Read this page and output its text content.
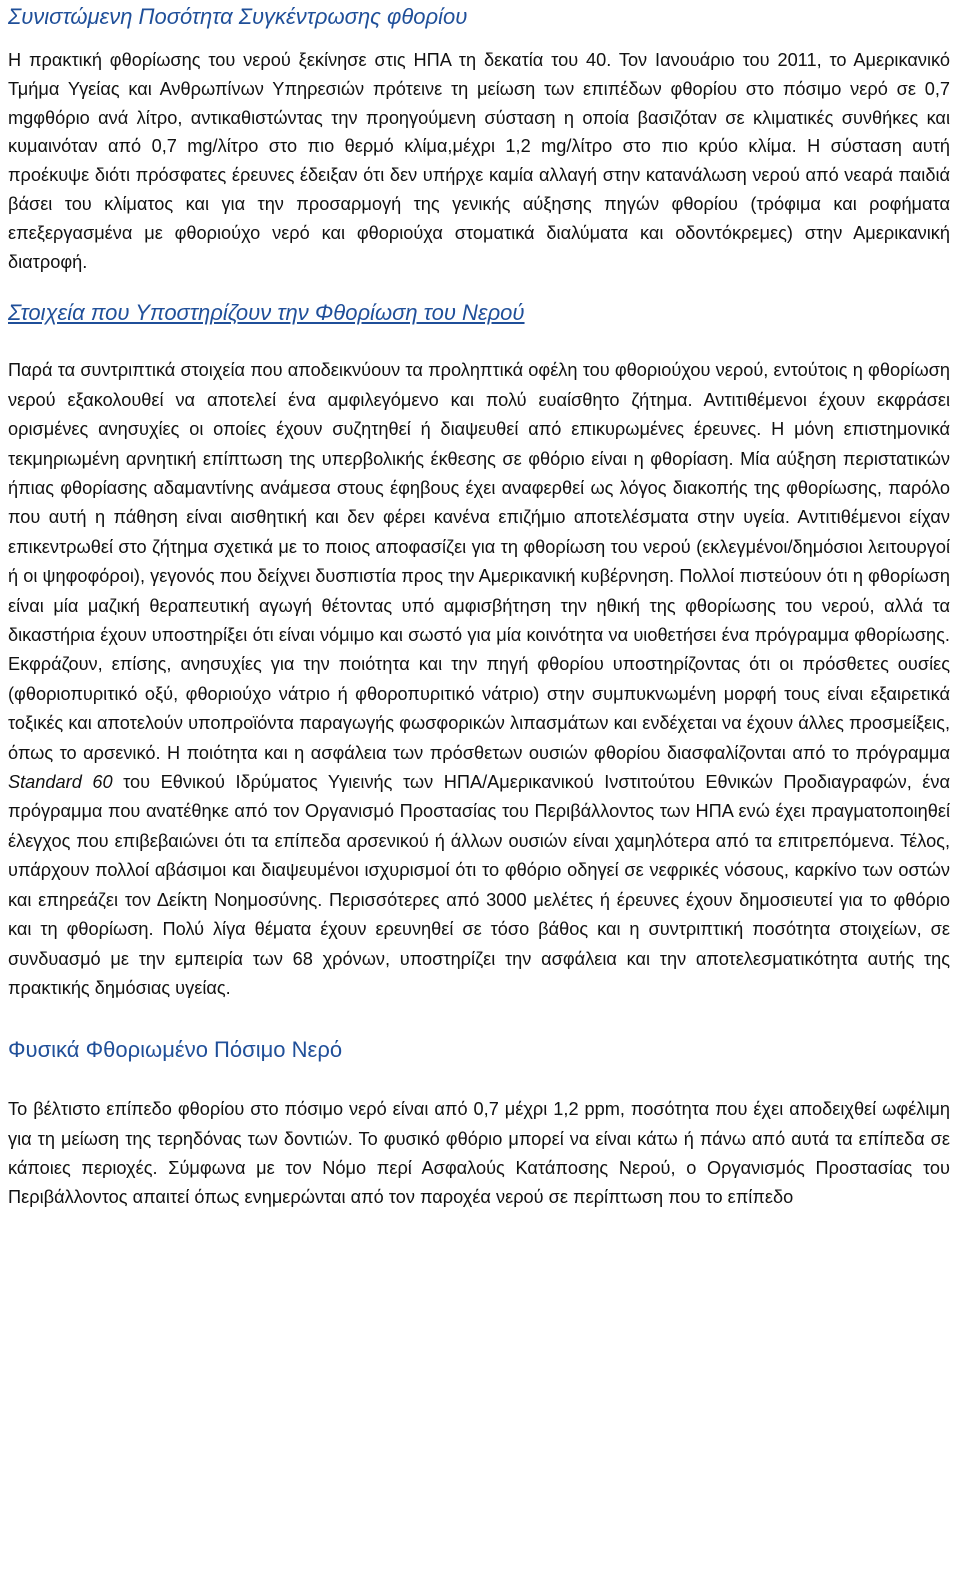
Συνιστώμενη Ποσότητα Συγκέντρωσης φθορίου

Η πρακτική φθορίωσης του νερού ξεκίνησε στις ΗΠΑ τη δεκατία του 40. Τον Ιανουάριο του 2011, το Αμερικανικό Τμήμα Υγείας και Ανθρωπίνων Υπηρεσιών πρότεινε τη μείωση των επιπέδων φθορίου στο πόσιμο νερό σε 0,7 mgφθόριο ανά λίτρο, αντικαθιστώντας την προηγούμενη σύσταση η οποία βασιζόταν σε κλιματικές συνθήκες και κυμαινόταν από 0,7 mg/λίτρο στο πιο θερμό κλίμα,μέχρι 1,2 mg/λίτρο στο πιο κρύο κλίμα. Η σύσταση αυτή προέκυψε διότι πρόσφατες έρευνες έδειξαν ότι δεν υπήρχε καμία αλλαγή στην κατανάλωση νερού από νεαρά παιδιά βάσει του κλίματος και για την προσαρμογή της γενικής αύξησης πηγών φθορίου (τρόφιμα και ροφήματα επεξεργασμένα με φθοριούχο νερό και φθοριούχα στοματικά διαλύματα και οδοντόκρεμες) στην Αμερικανική διατροφή.

Στοιχεία που Υποστηρίζουν την Φθορίωση του Νερού

Παρά τα συντριπτικά στοιχεία που αποδεικνύουν τα προληπτικά οφέλη του φθοριούχου νερού, εντούτοις η φθορίωση νερού εξακολουθεί να αποτελεί ένα αμφιλεγόμενο και πολύ ευαίσθητο ζήτημα. Αντιτιθέμενοι έχουν εκφράσει ορισμένες ανησυχίες οι οποίες έχουν συζητηθεί ή διαψευθεί από επικυρωμένες έρευνες. Η μόνη επιστημονικά τεκμηριωμένη αρνητική επίπτωση της υπερβολικής έκθεσης σε φθόριο είναι η φθορίαση. Μία αύξηση περιστατικών ήπιας φθορίασης αδαμαντίνης ανάμεσα στους έφηβους έχει αναφερθεί ως λόγος διακοπής της φθορίωσης, παρόλο που αυτή η πάθηση είναι αισθητική και δεν φέρει κανένα επιζήμιο αποτελέσματα στην υγεία. Αντιτιθέμενοι είχαν επικεντρωθεί στο ζήτημα σχετικά με το ποιος αποφασίζει για τη φθορίωση του νερού (εκλεγμένοι/δημόσιοι λειτουργοί ή οι ψηφοφόροι), γεγονός που δείχνει δυσπιστία προς την Αμερικανική κυβέρνηση. Πολλοί πιστεύουν ότι η φθορίωση είναι μία μαζική θεραπευτική αγωγή θέτοντας υπό αμφισβήτηση την ηθική της φθορίωσης του νερού, αλλά τα δικαστήρια έχουν υποστηρίξει ότι είναι νόμιμο και σωστό για μία κοινότητα να υιοθετήσει ένα πρόγραμμα φθορίωσης. Εκφράζουν, επίσης, ανησυχίες για την ποιότητα και την πηγή φθορίου υποστηρίζοντας ότι οι πρόσθετες ουσίες (φθοριοπυριτικό οξύ, φθοριούχο νάτριο ή φθοροπυριτικό νάτριο) στην συμπυκνωμένη μορφή τους είναι εξαιρετικά τοξικές και αποτελούν υποπροϊόντα παραγωγής φωσφορικών λιπασμάτων και ενδέχεται να έχουν άλλες προσμείξεις, όπως το αρσενικό. Η ποιότητα και η ασφάλεια των πρόσθετων ουσιών φθορίου διασφαλίζονται από το πρόγραμμα Standard 60 του Εθνικού Ιδρύματος Υγιεινής των ΗΠΑ/Αμερικανικού Ινστιτούτου Εθνικών Προδιαγραφών, ένα πρόγραμμα που ανατέθηκε από τον Οργανισμό Προστασίας του Περιβάλλοντος των ΗΠΑ ενώ έχει πραγματοποιηθεί έλεγχος που επιβεβαιώνει ότι τα επίπεδα αρσενικού ή άλλων ουσιών είναι χαμηλότερα από τα επιτρεπόμενα. Τέλος, υπάρχουν πολλοί αβάσιμοι και διαψευμένοι ισχυρισμοί ότι το φθόριο οδηγεί σε νεφρικές νόσους, καρκίνο των οστών και επηρεάζει τον Δείκτη Νοημοσύνης. Περισσότερες από 3000 μελέτες ή έρευνες έχουν δημοσιευτεί για το φθόριο και τη φθορίωση. Πολύ λίγα θέματα έχουν ερευνηθεί σε τόσο βάθος και η συντριπτική ποσότητα στοιχείων, σε συνδυασμό με την εμπειρία των 68 χρόνων, υποστηρίζει την ασφάλεια και την αποτελεσματικότητα αυτής της πρακτικής δημόσιας υγείας.

Φυσικά Φθοριωμένο Πόσιμο Νερό

Το βέλτιστο επίπεδο φθορίου στο πόσιμο νερό είναι από 0,7 μέχρι 1,2 ppm, ποσότητα που έχει αποδειχθεί ωφέλιμη για τη μείωση της τερηδόνας των δοντιών. Το φυσικό φθόριο μπορεί να είναι κάτω ή πάνω από αυτά τα επίπεδα σε κάποιες περιοχές. Σύμφωνα με τον Νόμο περί Ασφαλούς Κατάπoσης Νερού, ο Οργανισμός Προστασίας του Περιβάλλοντος απαιτεί όπως ενημερώνται από τον παροχέα νερού σε περίπτωση που το επίπεδο
